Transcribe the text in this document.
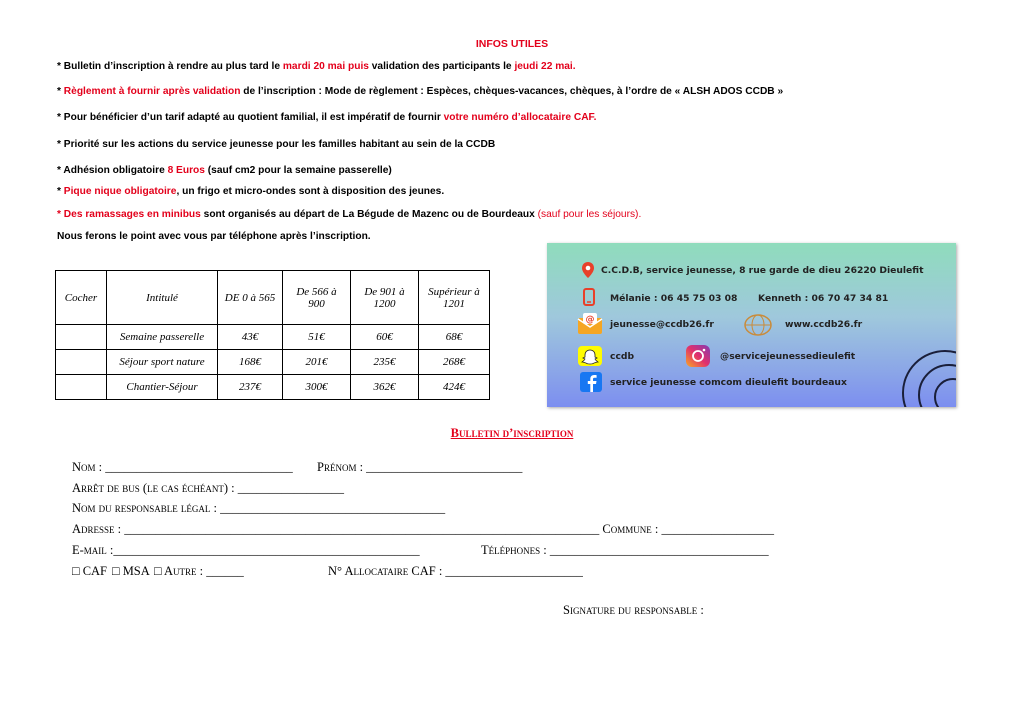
INFOS UTILES

* Bulletin d’inscription à rendre au plus tard le mardi 20 mai puis validation des participants le jeudi 22 mai.

* Règlement à fournir après validation de l’inscription : Mode de règlement : Espèces, chèques-vacances, chèques, à l’ordre de « ALSH ADOS CCDB »

* Pour bénéficier d’un tarif adapté au quotient familial, il est impératif de fournir votre numéro d’allocataire CAF.

* Priorité sur les actions du service jeunesse pour les familles habitant au sein de la CCDB

* Adhésion obligatoire 8 Euros (sauf cm2 pour la semaine passerelle)

* Pique nique obligatoire, un frigo et micro-ondes sont à disposition des jeunes.

* Des ramassages en minibus sont organisés au départ de La Bégude de Mazenc ou de Bourdeaux (sauf pour les séjours).

Nous ferons le point avec vous par téléphone après l’inscription.

Cocher	Intitulé	DE 0 à 565	De 566 à 900	De 901 à 1200	Supérieur à 1201
	Semaine passerelle	43€	51€	60€	68€
	Séjour sport nature	168€	201€	235€	268€
	Chantier-Séjour	237€	300€	362€	424€
C.C.D.B, service jeunesse, 8 rue garde de dieu 26220 Dieulefit
Mélanie : 06 45 75 03 08 Kenneth : 06 70 47 34 81
@ jeunesse@ccdb26.fr	www.ccdb26.fr
ccdb	@servicejeunessedieulefit
service jeunesse comcom dieulefit bourdeaux
Bulletin d’inscription
Nom : ______________________________ Prénom : _________________________
Arrêt de bus (le cas échéant) : _________________
Nom du responsable légal : ____________________________________
Adresse : ____________________________________________________________________________ Commune : __________________
E-mail :_________________________________________________	Téléphones : ___________________________________
□ CAF □ MSA □ Autre : ______	N° Allocataire CAF : ______________________
Signature du responsable :
